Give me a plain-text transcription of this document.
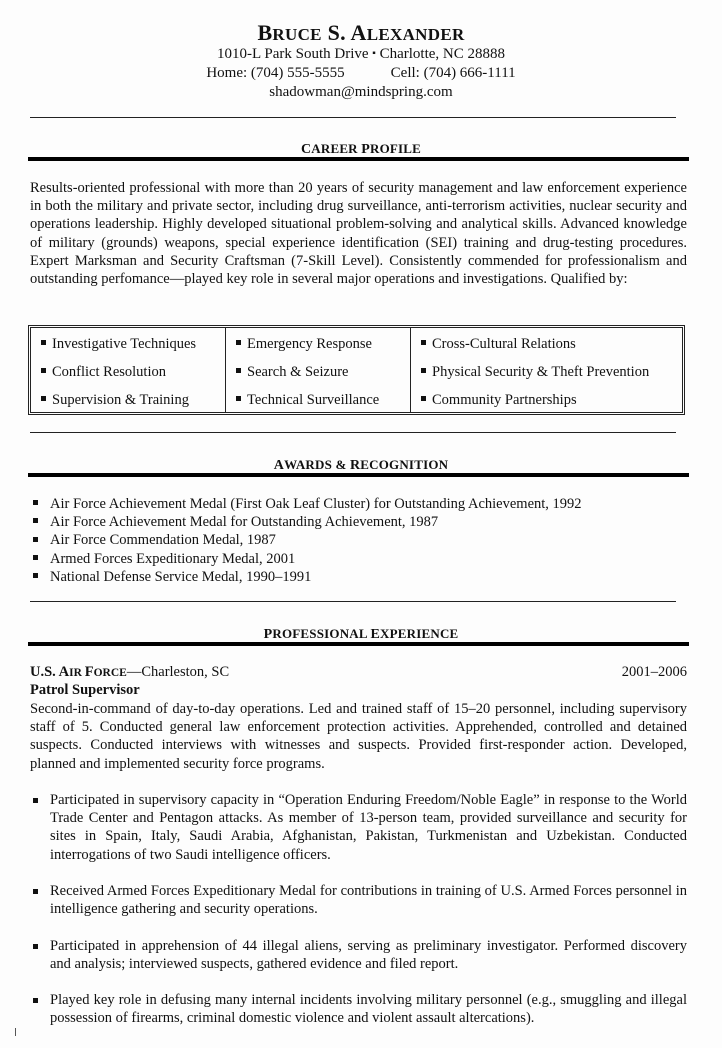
BRUCE S. ALEXANDER
1010-L Park South Drive ▪ Charlotte, NC 28888
Home: (704) 555-5555	Cell: (704) 666-1111
shadowman@mindspring.com
CAREER PROFILE
Results-oriented professional with more than 20 years of security management and law enforcement experience in both the military and private sector, including drug surveillance, anti-terrorism activities, nuclear security and operations leadership. Highly developed situational problem-solving and analytical skills. Advanced knowledge of military (grounds) weapons, special experience identification (SEI) training and drug-testing procedures. Expert Marksman and Security Craftsman (7-Skill Level). Consistently commended for professionalism and outstanding perfomance—played key role in several major operations and investigations. Qualified by:
Investigative Techniques
Conflict Resolution
Supervision & Training
Emergency Response
Search & Seizure
Technical Surveillance
Cross-Cultural Relations
Physical Security & Theft Prevention
Community Partnerships
AWARDS & RECOGNITION
Air Force Achievement Medal (First Oak Leaf Cluster) for Outstanding Achievement, 1992
Air Force Achievement Medal for Outstanding Achievement, 1987
Air Force Commendation Medal, 1987
Armed Forces Expeditionary Medal, 2001
National Defense Service Medal, 1990–1991
PROFESSIONAL EXPERIENCE
U.S. AIR FORCE—Charleston, SC	2001–2006
Patrol Supervisor
Second-in-command of day-to-day operations. Led and trained staff of 15–20 personnel, including supervisory staff of 5. Conducted general law enforcement protection activities. Apprehended, controlled and detained suspects. Conducted interviews with witnesses and suspects. Provided first-responder action. Developed, planned and implemented security force programs.
Participated in supervisory capacity in “Operation Enduring Freedom/Noble Eagle” in response to the World Trade Center and Pentagon attacks. As member of 13-person team, provided surveillance and security for sites in Spain, Italy, Saudi Arabia, Afghanistan, Pakistan, Turkmenistan and Uzbekistan. Conducted interrogations of two Saudi intelligence officers.
Received Armed Forces Expeditionary Medal for contributions in training of U.S. Armed Forces personnel in intelligence gathering and security operations.
Participated in apprehension of 44 illegal aliens, serving as preliminary investigator. Performed discovery and analysis; interviewed suspects, gathered evidence and filed report.
Played key role in defusing many internal incidents involving military personnel (e.g., smuggling and illegal possession of firearms, criminal domestic violence and violent assault altercations).
